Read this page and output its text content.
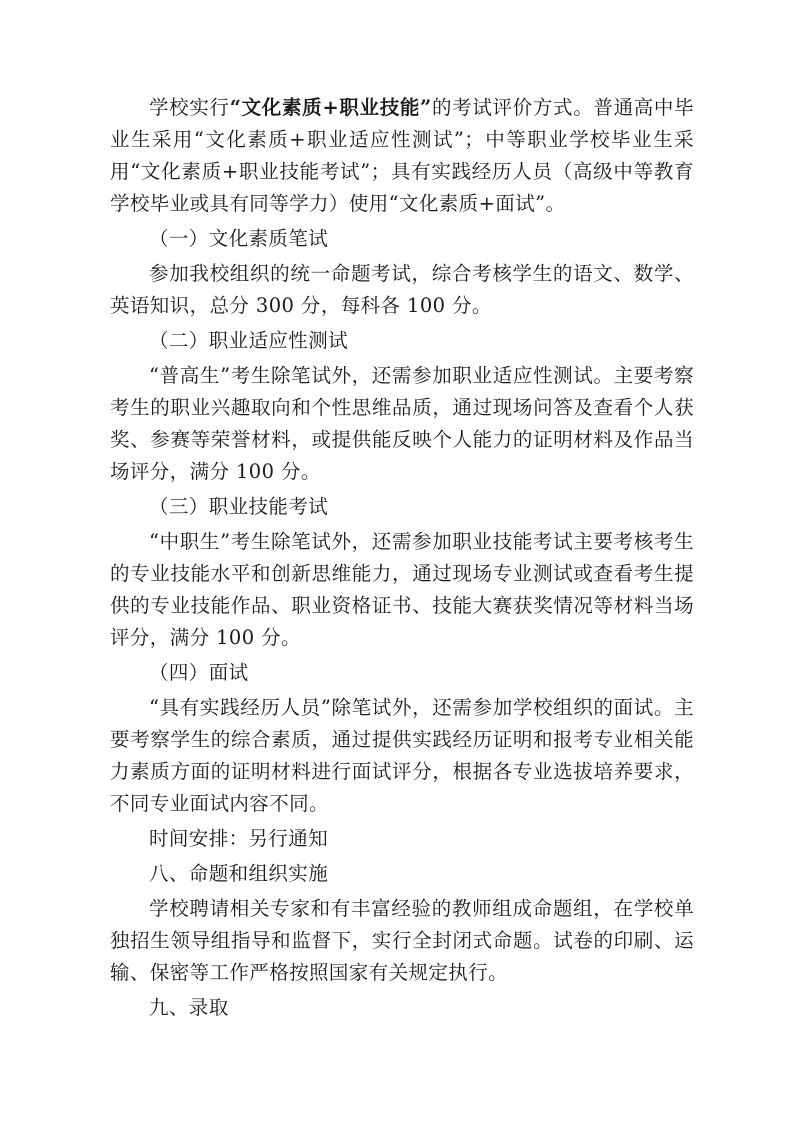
学校实行“文化素质+职业技能”的考试评价方式。普通高中毕业生采用“文化素质+职业适应性测试”；中等职业学校毕业生采用“文化素质+职业技能考试”；具有实践经历人员（高级中等教育学校毕业或具有同等学力）使用“文化素质+面试”。

（一）文化素质笔试

参加我校组织的统一命题考试，综合考核学生的语文、数学、英语知识，总分 300 分，每科各 100 分。

（二）职业适应性测试

“普高生”考生除笔试外，还需参加职业适应性测试。主要考察考生的职业兴趣取向和个性思维品质，通过现场问答及查看个人获奖、参赛等荣誉材料，或提供能反映个人能力的证明材料及作品当场评分，满分 100 分。

（三）职业技能考试

“中职生”考生除笔试外，还需参加职业技能考试主要考核考生的专业技能水平和创新思维能力，通过现场专业测试或查看考生提供的专业技能作品、职业资格证书、技能大赛获奖情况等材料当场评分，满分 100 分。

（四）面试

“具有实践经历人员”除笔试外，还需参加学校组织的面试。主要考察学生的综合素质，通过提供实践经历证明和报考专业相关能力素质方面的证明材料进行面试评分，根据各专业选拔培养要求，不同专业面试内容不同。

时间安排：另行通知

八、命题和组织实施

学校聘请相关专家和有丰富经验的教师组成命题组，在学校单独招生领导组指导和监督下，实行全封闭式命题。试卷的印刷、运输、保密等工作严格按照国家有关规定执行。

九、录取
